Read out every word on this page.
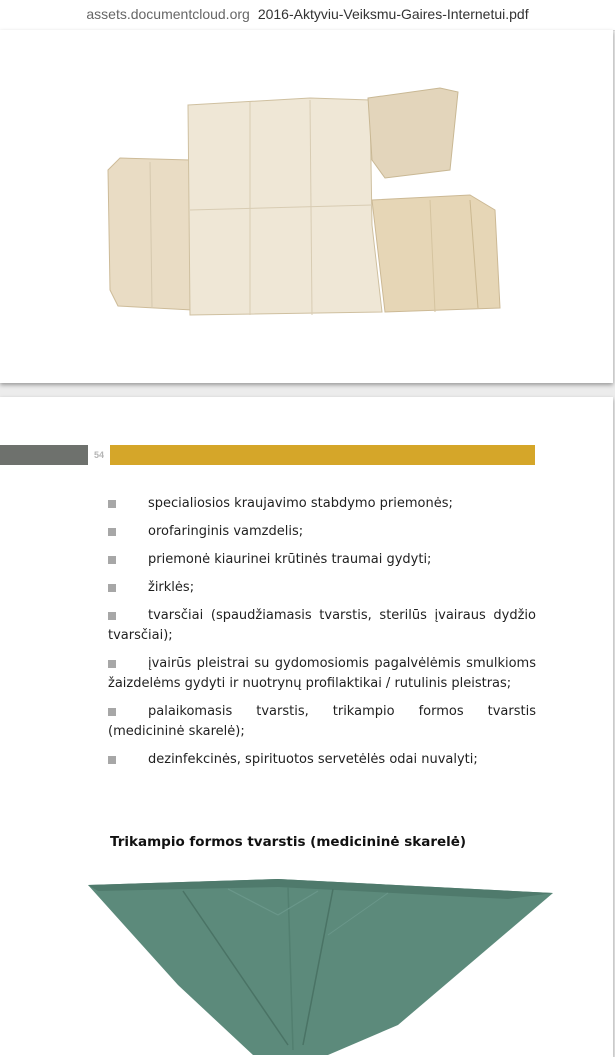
assets.documentcloud.org 2016-Aktyviu-Veiksmu-Gaires-Internetui.pdf
54
specialiosios kraujavimo stabdymo priemonės;
orofaringinis vamzdelis;
priemonė kiaurinei krūtinės traumai gydyti;
žirklės;
tvarsčiai (spaudžiamasis tvarstis, sterilūs įvairaus dydžio tvarsčiai);
įvairūs pleistrai su gydomosiomis pagalvėlėmis smulkioms žaizdelėms gydyti ir nuotrynų profilaktikai / rutulinis pleistras;
palaikomasis tvarstis, trikampio formos tvarstis (medicininė skarelė);
dezinfekcinės, spirituotos servetėlės odai nuvalyti;
Trikampio formos tvarstis (medicininė skarelė)
